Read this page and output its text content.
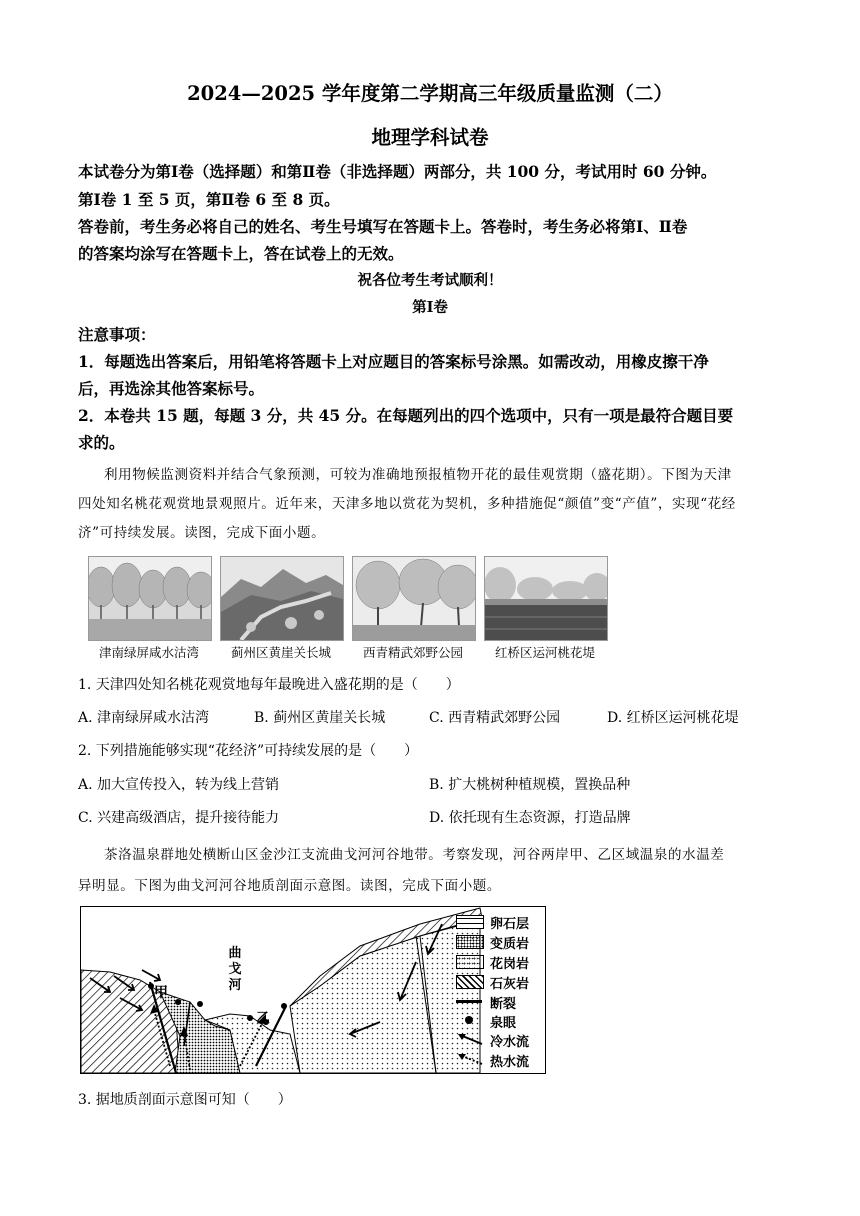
2024—2025 学年度第二学期高三年级质量监测（二）
地理学科试卷
本试卷分为第Ⅰ卷（选择题）和第Ⅱ卷（非选择题）两部分，共 100 分，考试用时 60 分钟。
第Ⅰ卷 1 至 5 页，第Ⅱ卷 6 至 8 页。
答卷前，考生务必将自己的姓名、考生号填写在答题卡上。答卷时，考生务必将第Ⅰ、Ⅱ卷
的答案均涂写在答题卡上，答在试卷上的无效。
祝各位考生考试顺利！
第Ⅰ卷
注意事项：
1．每题选出答案后，用铅笔将答题卡上对应题目的答案标号涂黑。如需改动，用橡皮擦干净
后，再选涂其他答案标号。
2．本卷共 15 题，每题 3 分，共 45 分。在每题列出的四个选项中，只有一项是最符合题目要
求的。
利用物候监测资料并结合气象预测，可较为准确地预报植物开花的最佳观赏期（盛花期）。下图为天津
四处知名桃花观赏地景观照片。近年来，天津多地以赏花为契机，多种措施促“颜值”变“产值”，实现“花经
济”可持续发展。读图，完成下面小题。
津南绿屏咸水沽湾	蓟州区黄崖关长城	西青精武郊野公园	红桥区运河桃花堤
1. 天津四处知名桃花观赏地每年最晚进入盛花期的是（　　）
A. 津南绿屏咸水沽湾	B. 蓟州区黄崖关长城	C. 西青精武郊野公园	D. 红桥区运河桃花堤
2. 下列措施能够实现“花经济”可持续发展的是（　　）
A. 加大宣传投入，转为线上营销	B. 扩大桃树种植规模，置换品种
C. 兴建高级酒店，提升接待能力	D. 依托现有生态资源，打造品牌
茶洛温泉群地处横断山区金沙江支流曲戈河河谷地带。考察发现，河谷两岸甲、乙区域温泉的水温差
异明显。下图为曲戈河河谷地质剖面示意图。读图，完成下面小题。
甲
乙
曲
戈
河
卵石层
变质岩
花岗岩
石灰岩
断裂
泉眼
冷水流
热水流
3. 据地质剖面示意图可知（　　）
